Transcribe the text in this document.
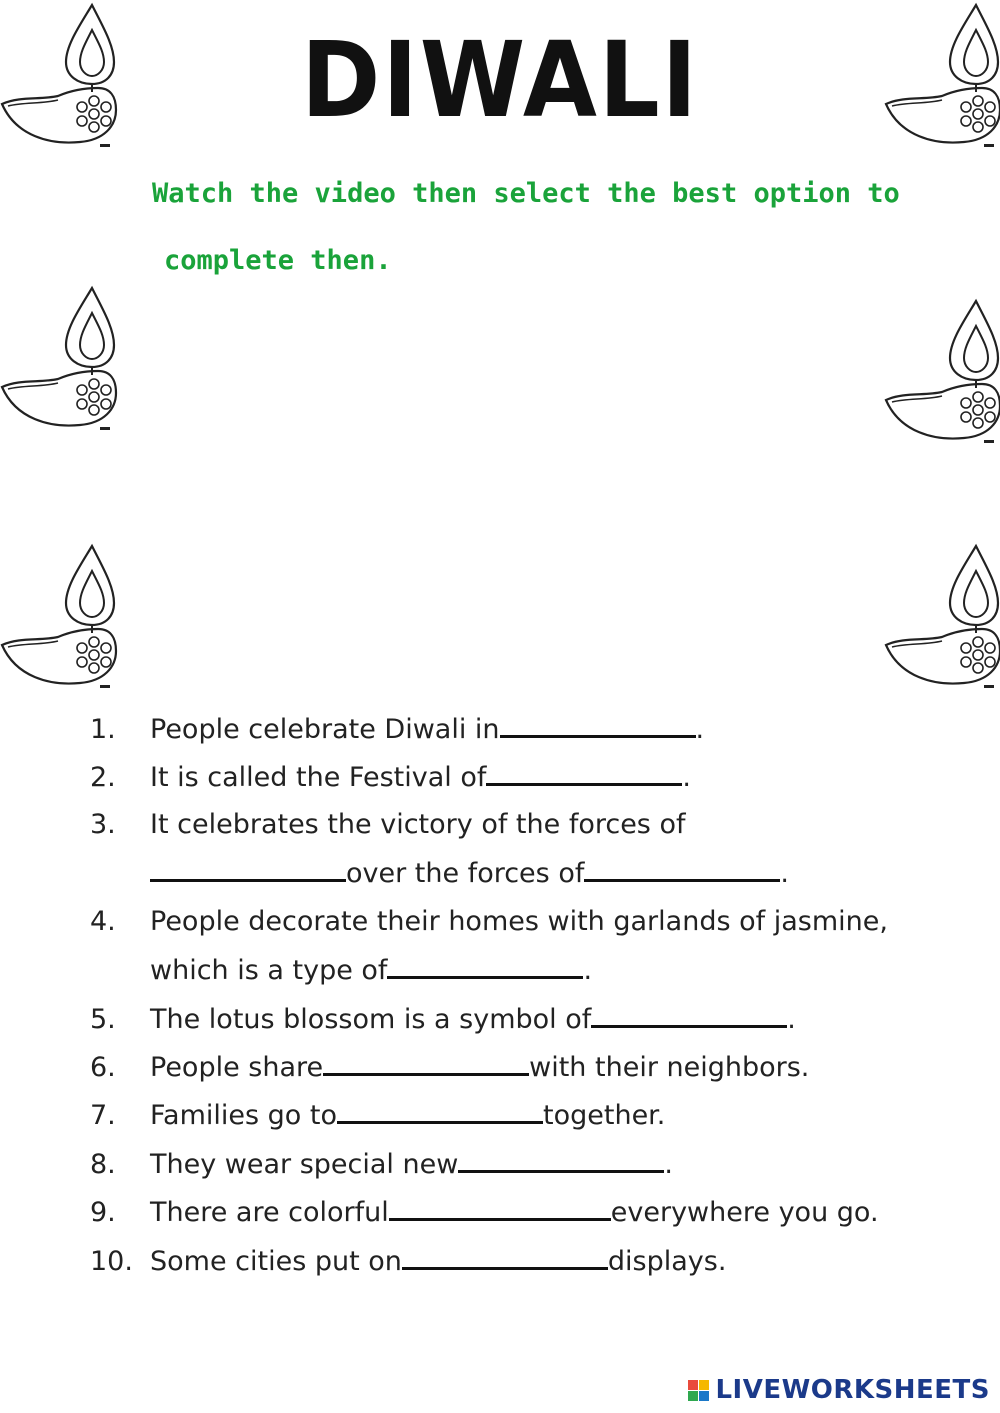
DIWALI
Watch the video then select the best option to
complete then.
1. People celebrate Diwali in	.
2. It is called the Festival of	.
3. It celebrates the victory of the forces of
over the forces of	.
4. People decorate their homes with garlands of jasmine,
which is a type of	.
5. The lotus blossom is a symbol of	.
6. People share	with their neighbors.
7. Families go to	together.
8. They wear special new	.
9. There are colorful	everywhere you go.
10. Some cities put on	displays.
LIVEWORKSHEETS
